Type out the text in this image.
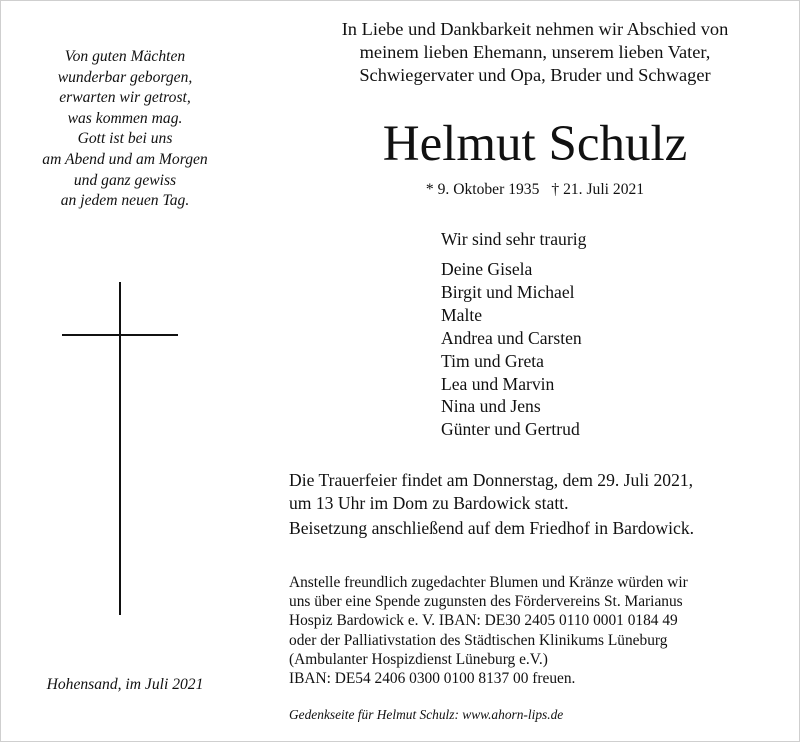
Von guten Mächten
wunderbar geborgen,
erwarten wir getrost,
was kommen mag.
Gott ist bei uns
am Abend und am Morgen
und ganz gewiss
an jedem neuen Tag.
Hohensand, im Juli 2021
In Liebe und Dankbarkeit nehmen wir Abschied von
meinem lieben Ehemann, unserem lieben Vater,
Schwiegervater und Opa, Bruder und Schwager
Helmut Schulz
* 9. Oktober 1935 † 21. Juli 2021
Wir sind sehr traurig
Deine Gisela
Birgit und Michael
Malte
Andrea und Carsten
Tim und Greta
Lea und Marvin
Nina und Jens
Günter und Gertrud
Die Trauerfeier findet am Donnerstag, dem 29. Juli 2021,
um 13 Uhr im Dom zu Bardowick statt.
Beisetzung anschließend auf dem Friedhof in Bardowick.
Anstelle freundlich zugedachter Blumen und Kränze würden wir
uns über eine Spende zugunsten des Fördervereins St. Marianus
Hospiz Bardowick e. V. IBAN: DE30 2405 0110 0001 0184 49
oder der Palliativstation des Städtischen Klinikums Lüneburg
(Ambulanter Hospizdienst Lüneburg e.V.)
IBAN: DE54 2406 0300 0100 8137 00 freuen.
Gedenkseite für Helmut Schulz: www.ahorn-lips.de
